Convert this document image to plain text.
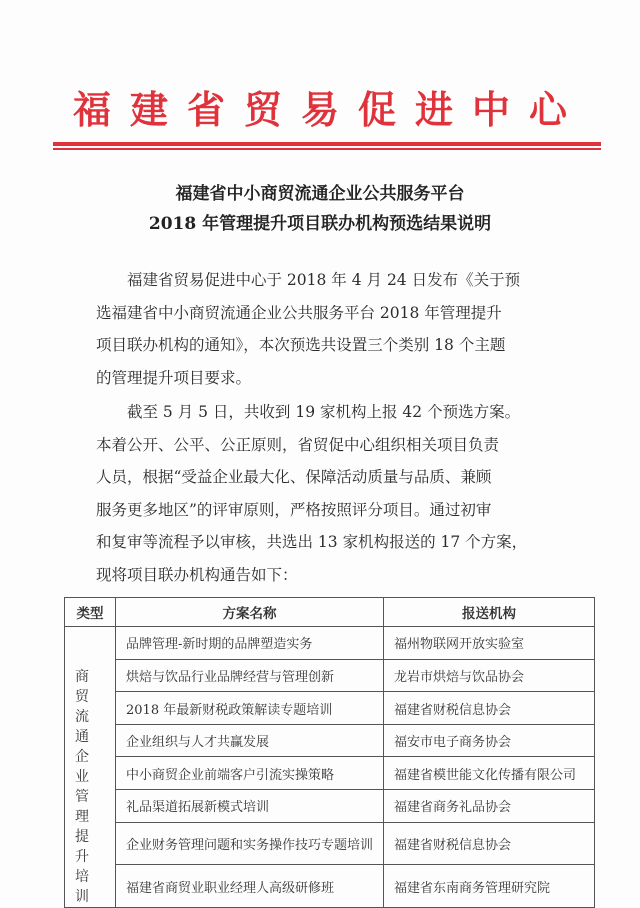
福建省贸易促进中心
福建省中小商贸流通企业公共服务平台
2018 年管理提升项目联办机构预选结果说明
福建省贸易促进中心于 2018 年 4 月 24 日发布《关于预
选福建省中小商贸流通企业公共服务平台 2018 年管理提升
项目联办机构的通知》，本次预选共设置三个类别 18 个主题
的管理提升项目要求。
截至 5 月 5 日，共收到 19 家机构上报 42 个预选方案。
本着公开、公平、公正原则，省贸促中心组织相关项目负责
人员，根据“受益企业最大化、保障活动质量与品质、兼顾
服务更多地区”的评审原则，严格按照评分项目。通过初审
和复审等流程予以审核，共选出 13 家机构报送的 17 个方案，
现将项目联办机构通告如下：
类型	方案名称	报送机构
商贸流通企业管理提升培训	品牌管理-新时期的品牌塑造实务	福州物联网开放实验室
	烘焙与饮品行业品牌经营与管理创新	龙岩市烘焙与饮品协会
	2018 年最新财税政策解读专题培训	福建省财税信息协会
	企业组织与人才共赢发展	福安市电子商务协会
	中小商贸企业前端客户引流实操策略	福建省模世能文化传播有限公司
	礼品渠道拓展新模式培训	福建省商务礼品协会
	企业财务管理问题和实务操作技巧专题培训	福建省财税信息协会
	福建省商贸业职业经理人高级研修班	福建省东南商务管理研究院
